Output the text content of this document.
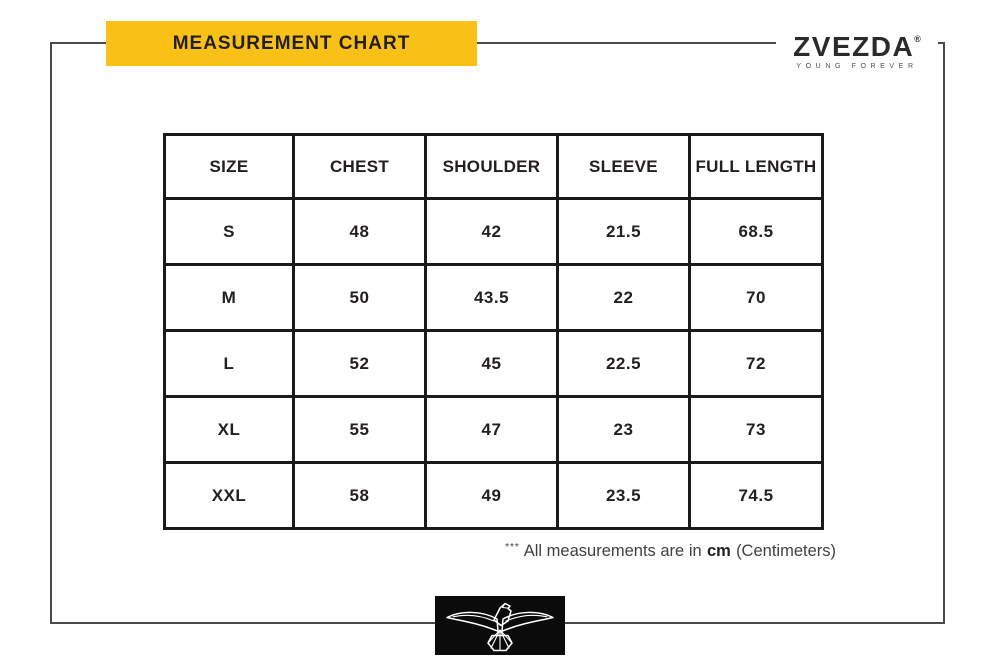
MEASUREMENT CHART	ZVEZDA®
YOUNG FOREVER
SIZE	CHEST	SHOULDER	SLEEVE	FULL LENGTH
S	48	42	21.5	68.5
M	50	43.5	22	70
L	52	45	22.5	72
XL	55	47	23	73
XXL	58	49	23.5	74.5
*** All measurements are in cm (Centimeters)
